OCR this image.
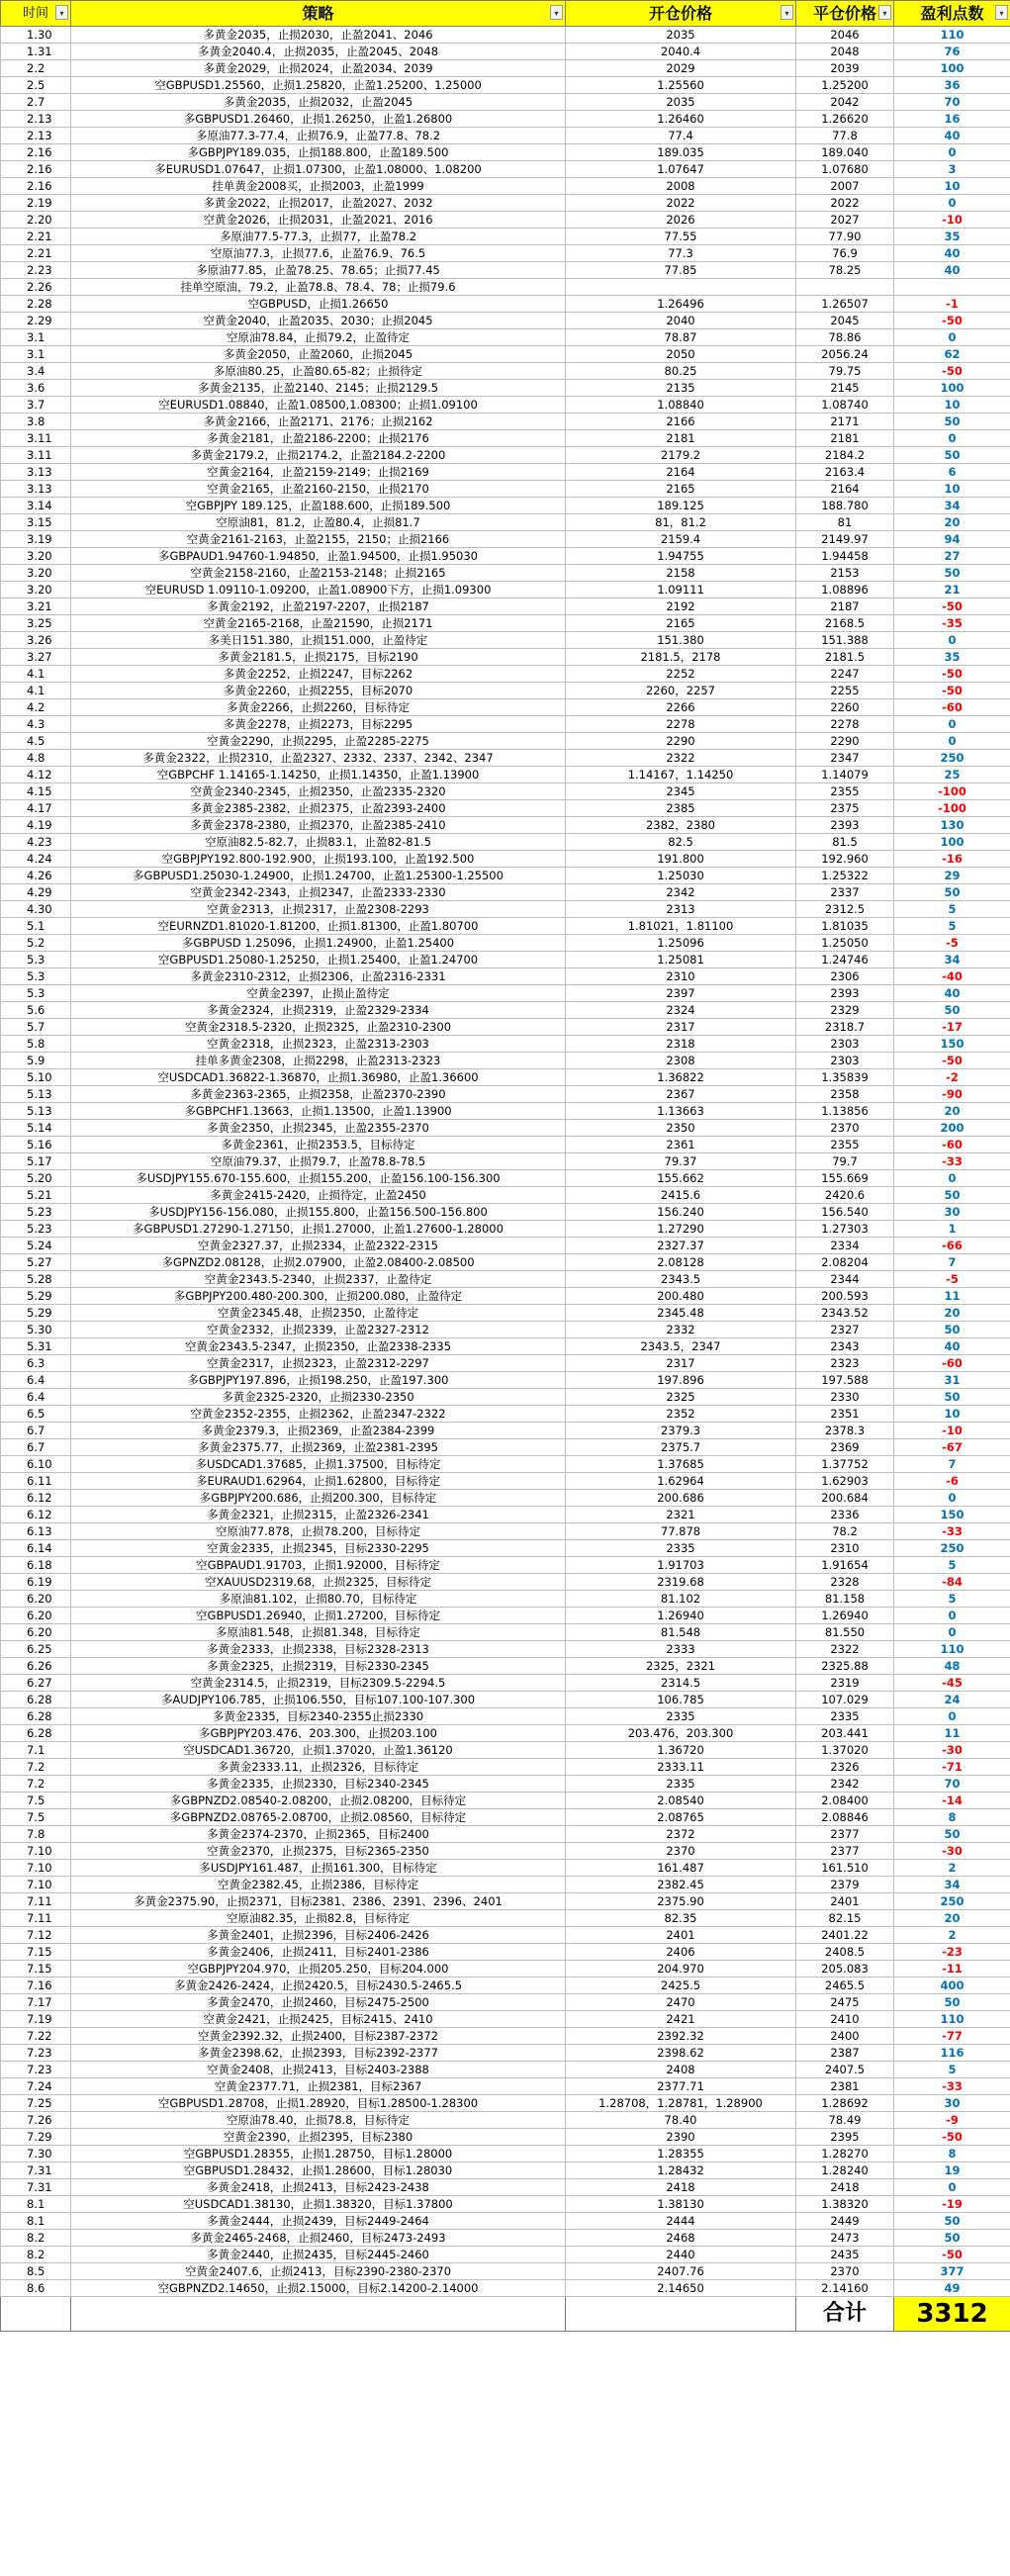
时间 ▾	策略 ▾	开仓价格 ▾	平仓价格 ▾	盈利点数 ▾

1.30	多黄金2035，止损2030，止盈2041、2046	2035	2046	110
1.31	多黄金2040.4，止损2035，止盈2045、2048	2040.4	2048	76
2.2	多黄金2029，止损2024，止盈2034、2039	2029	2039	100
2.5	空GBPUSD1.25560，止损1.25820，止盈1.25200、1.25000	1.25560	1.25200	36
2.7	多黄金2035，止损2032，止盈2045	2035	2042	70
2.13	多GBPUSD1.26460，止损1.26250，止盈1.26800	1.26460	1.26620	16
2.13	多原油77.3-77.4，止损76.9，止盈77.8、78.2	77.4	77.8	40
2.16	多GBPJPY189.035，止损188.800，止盈189.500	189.035	189.040	0
2.16	多EURUSD1.07647，止损1.07300，止盈1.08000、1.08200	1.07647	1.07680	3
2.16	挂单黄金2008买，止损2003，止盈1999	2008	2007	10
2.19	多黄金2022，止损2017，止盈2027、2032	2022	2022	0
2.20	空黄金2026，止损2031，止盈2021、2016	2026	2027	-10
2.21	多原油77.5-77.3，止损77，止盈78.2	77.55	77.90	35
2.21	空原油77.3，止损77.6，止盈76.9、76.5	77.3	76.9	40
2.23	多原油77.85，止盈78.25、78.65；止损77.45	77.85	78.25	40
2.26	挂单空原油，79.2，止盈78.8、78.4、78；止损79.6			
2.28	空GBPUSD，止损1.26650	1.26496	1.26507	-1
2.29	空黄金2040，止盈2035、2030；止损2045	2040	2045	-50
3.1	空原油78.84，止损79.2，止盈待定	78.87	78.86	0
3.1	多黄金2050，止盈2060，止损2045	2050	2056.24	62
3.4	多原油80.25，止盈80.65-82；止损待定	80.25	79.75	-50
3.6	多黄金2135，止盈2140、2145；止损2129.5	2135	2145	100
3.7	空EURUSD1.08840，止盈1.08500,1.08300；止损1.09100	1.08840	1.08740	10
3.8	多黄金2166，止盈2171、2176；止损2162	2166	2171	50
3.11	多黄金2181，止盈2186-2200；止损2176	2181	2181	0
3.11	多黄金2179.2，止损2174.2，止盈2184.2-2200	2179.2	2184.2	50
3.13	空黄金2164，止盈2159-2149；止损2169	2164	2163.4	6
3.13	空黄金2165，止盈2160-2150，止损2170	2165	2164	10
3.14	空GBPJPY 189.125，止盈188.600，止损189.500	189.125	188.780	34
3.15	空原油81，81.2，止盈80.4，止损81.7	81，81.2	81	20
3.19	空黄金2161-2163，止盈2155，2150；止损2166	2159.4	2149.97	94
3.20	多GBPAUD1.94760-1.94850，止盈1.94500，止损1.95030	1.94755	1.94458	27
3.20	空黄金2158-2160，止盈2153-2148；止损2165	2158	2153	50
3.20	空EURUSD 1.09110-1.09200，止盈1.08900下方，止损1.09300	1.09111	1.08896	21
3.21	多黄金2192，止盈2197-2207，止损2187	2192	2187	-50
3.25	空黄金2165-2168，止盈21590，止损2171	2165	2168.5	-35
3.26	多美日151.380，止损151.000，止盈待定	151.380	151.388	0
3.27	多黄金2181.5，止损2175，目标2190	2181.5，2178	2181.5	35
4.1	多黄金2252，止损2247，目标2262	2252	2247	-50
4.1	多黄金2260，止损2255，目标2070	2260，2257	2255	-50
4.2	多黄金2266，止损2260，目标待定	2266	2260	-60
4.3	多黄金2278，止损2273，目标2295	2278	2278	0
4.5	空黄金2290，止损2295，止盈2285-2275	2290	2290	0
4.8	多黄金2322，止损2310，止盈2327、2332、2337、2342、2347	2322	2347	250
4.12	空GBPCHF 1.14165-1.14250，止损1.14350，止盈1.13900	1.14167，1.14250	1.14079	25
4.15	空黄金2340-2345，止损2350，止盈2335-2320	2345	2355	-100
4.17	多黄金2385-2382，止损2375，止盈2393-2400	2385	2375	-100
4.19	多黄金2378-2380，止损2370，止盈2385-2410	2382，2380	2393	130
4.23	空原油82.5-82.7，止损83.1，止盈82-81.5	82.5	81.5	100
4.24	空GBPJPY192.800-192.900，止损193.100，止盈192.500	191.800	192.960	-16
4.26	多GBPUSD1.25030-1.24900，止损1.24700，止盈1.25300-1.25500	1.25030	1.25322	29
4.29	空黄金2342-2343，止损2347，止盈2333-2330	2342	2337	50
4.30	空黄金2313，止损2317，止盈2308-2293	2313	2312.5	5
5.1	空EURNZD1.81020-1.81200，止损1.81300，止盈1.80700	1.81021，1.81100	1.81035	5
5.2	多GBPUSD 1.25096，止损1.24900，止盈1.25400	1.25096	1.25050	-5
5.3	空GBPUSD1.25080-1.25250，止损1.25400，止盈1.24700	1.25081	1.24746	34
5.3	多黄金2310-2312，止损2306，止盈2316-2331	2310	2306	-40
5.3	空黄金2397，止损止盈待定	2397	2393	40
5.6	多黄金2324，止损2319，止盈2329-2334	2324	2329	50
5.7	空黄金2318.5-2320，止损2325，止盈2310-2300	2317	2318.7	-17
5.8	空黄金2318，止损2323，止盈2313-2303	2318	2303	150
5.9	挂单多黄金2308，止损2298，止盈2313-2323	2308	2303	-50
5.10	空USDCAD1.36822-1.36870，止损1.36980，止盈1.36600	1.36822	1.35839	-2
5.13	多黄金2363-2365，止损2358，止盈2370-2390	2367	2358	-90
5.13	多GBPCHF1.13663，止损1.13500，止盈1.13900	1.13663	1.13856	20
5.14	多黄金2350，止损2345，止盈2355-2370	2350	2370	200
5.16	多黄金2361，止损2353.5，目标待定	2361	2355	-60
5.17	空原油79.37，止损79.7，止盈78.8-78.5	79.37	79.7	-33
5.20	多USDJPY155.670-155.600，止损155.200，止盈156.100-156.300	155.662	155.669	0
5.21	多黄金2415-2420，止损待定，止盈2450	2415.6	2420.6	50
5.23	多USDJPY156-156.080，止损155.800，止盈156.500-156.800	156.240	156.540	30
5.23	多GBPUSD1.27290-1.27150，止损1.27000，止盈1.27600-1.28000	1.27290	1.27303	1
5.24	空黄金2327.37，止损2334，止盈2322-2315	2327.37	2334	-66
5.27	多GPNZD2.08128，止损2.07900，止盈2.08400-2.08500	2.08128	2.08204	7
5.28	空黄金2343.5-2340，止损2337，止盈待定	2343.5	2344	-5
5.29	多GBPJPY200.480-200.300，止损200.080，止盈待定	200.480	200.593	11
5.29	空黄金2345.48，止损2350，止盈待定	2345.48	2343.52	20
5.30	空黄金2332，止损2339，止盈2327-2312	2332	2327	50
5.31	空黄金2343.5-2347，止损2350，止盈2338-2335	2343.5，2347	2343	40
6.3	空黄金2317，止损2323，止盈2312-2297	2317	2323	-60
6.4	多GBPJPY197.896，止损198.250，止盈197.300	197.896	197.588	31
6.4	多黄金2325-2320，止损2330-2350	2325	2330	50
6.5	空黄金2352-2355，止损2362，止盈2347-2322	2352	2351	10
6.7	多黄金2379.3，止损2369，止盈2384-2399	2379.3	2378.3	-10
6.7	多黄金2375.77，止损2369，止盈2381-2395	2375.7	2369	-67
6.10	多USDCAD1.37685，止损1.37500，目标待定	1.37685	1.37752	7
6.11	多EURAUD1.62964，止损1.62800，目标待定	1.62964	1.62903	-6
6.12	多GBPJPY200.686，止损200.300，目标待定	200.686	200.684	0
6.12	多黄金2321，止损2315，止盈2326-2341	2321	2336	150
6.13	空原油77.878，止损78.200，目标待定	77.878	78.2	-33
6.14	空黄金2335，止损2345，目标2330-2295	2335	2310	250
6.18	空GBPAUD1.91703，止损1.92000，目标待定	1.91703	1.91654	5
6.19	空XAUUSD2319.68，止损2325，目标待定	2319.68	2328	-84
6.20	多原油81.102，止损80.70，目标待定	81.102	81.158	5
6.20	空GBPUSD1.26940，止损1.27200，目标待定	1.26940	1.26940	0
6.20	多原油81.548，止损81.348，目标待定	81.548	81.550	0
6.25	多黄金2333，止损2338，目标2328-2313	2333	2322	110
6.26	多黄金2325，止损2319，目标2330-2345	2325，2321	2325.88	48
6.27	空黄金2314.5，止损2319，目标2309.5-2294.5	2314.5	2319	-45
6.28	多AUDJPY106.785，止损106.550，目标107.100-107.300	106.785	107.029	24
6.28	多黄金2335，目标2340-2355止损2330	2335	2335	0
6.28	多GBPJPY203.476、203.300，止损203.100	203.476，203.300	203.441	11
7.1	空USDCAD1.36720，止损1.37020，止盈1.36120	1.36720	1.37020	-30
7.2	多黄金2333.11，止损2326，目标待定	2333.11	2326	-71
7.2	多黄金2335，止损2330，目标2340-2345	2335	2342	70
7.5	多GBPNZD2.08540-2.08200，止损2.08200，目标待定	2.08540	2.08400	-14
7.5	多GBPNZD2.08765-2.08700，止损2.08560，目标待定	2.08765	2.08846	8
7.8	多黄金2374-2370，止损2365，目标2400	2372	2377	50
7.10	空黄金2370，止损2375，目标2365-2350	2370	2377	-30
7.10	多USDJPY161.487，止损161.300，目标待定	161.487	161.510	2
7.10	空黄金2382.45，止损2386，目标待定	2382.45	2379	34
7.11	多黄金2375.90，止损2371，目标2381、2386、2391、2396、2401	2375.90	2401	250
7.11	空原油82.35，止损82.8，目标待定	82.35	82.15	20
7.12	多黄金2401，止损2396，目标2406-2426	2401	2401.22	2
7.15	多黄金2406，止损2411，目标2401-2386	2406	2408.5	-23
7.15	空GBPJPY204.970，止损205.250，目标204.000	204.970	205.083	-11
7.16	多黄金2426-2424，止损2420.5，目标2430.5-2465.5	2425.5	2465.5	400
7.17	多黄金2470，止损2460，目标2475-2500	2470	2475	50
7.19	空黄金2421，止损2425，目标2415、2410	2421	2410	110
7.22	空黄金2392.32，止损2400，目标2387-2372	2392.32	2400	-77
7.23	多黄金2398.62，止损2393，目标2392-2377	2398.62	2387	116
7.23	空黄金2408，止损2413，目标2403-2388	2408	2407.5	5
7.24	空黄金2377.71，止损2381，目标2367	2377.71	2381	-33
7.25	空GBPUSD1.28708，止损1.28920，目标1.28500-1.28300	1.28708，1.28781，1.28900	1.28692	30
7.26	空原油78.40，止损78.8，目标待定	78.40	78.49	-9
7.29	空黄金2390，止损2395，目标2380	2390	2395	-50
7.30	空GBPUSD1.28355，止损1.28750，目标1.28000	1.28355	1.28270	8
7.31	空GBPUSD1.28432，止损1.28600，目标1.28030	1.28432	1.28240	19
7.31	多黄金2418，止损2413，目标2423-2438	2418	2418	0
8.1	空USDCAD1.38130，止损1.38320，目标1.37800	1.38130	1.38320	-19
8.1	多黄金2444，止损2439，目标2449-2464	2444	2449	50
8.2	多黄金2465-2468，止损2460，目标2473-2493	2468	2473	50
8.2	多黄金2440，止损2435，目标2445-2460	2440	2435	-50
8.5	空黄金2407.6，止损2413，目标2390-2380-2370	2407.76	2370	377
8.6	空GBPNZD2.14650，止损2.15000，目标2.14200-2.14000	2.14650	2.14160	49
			合计	3312
